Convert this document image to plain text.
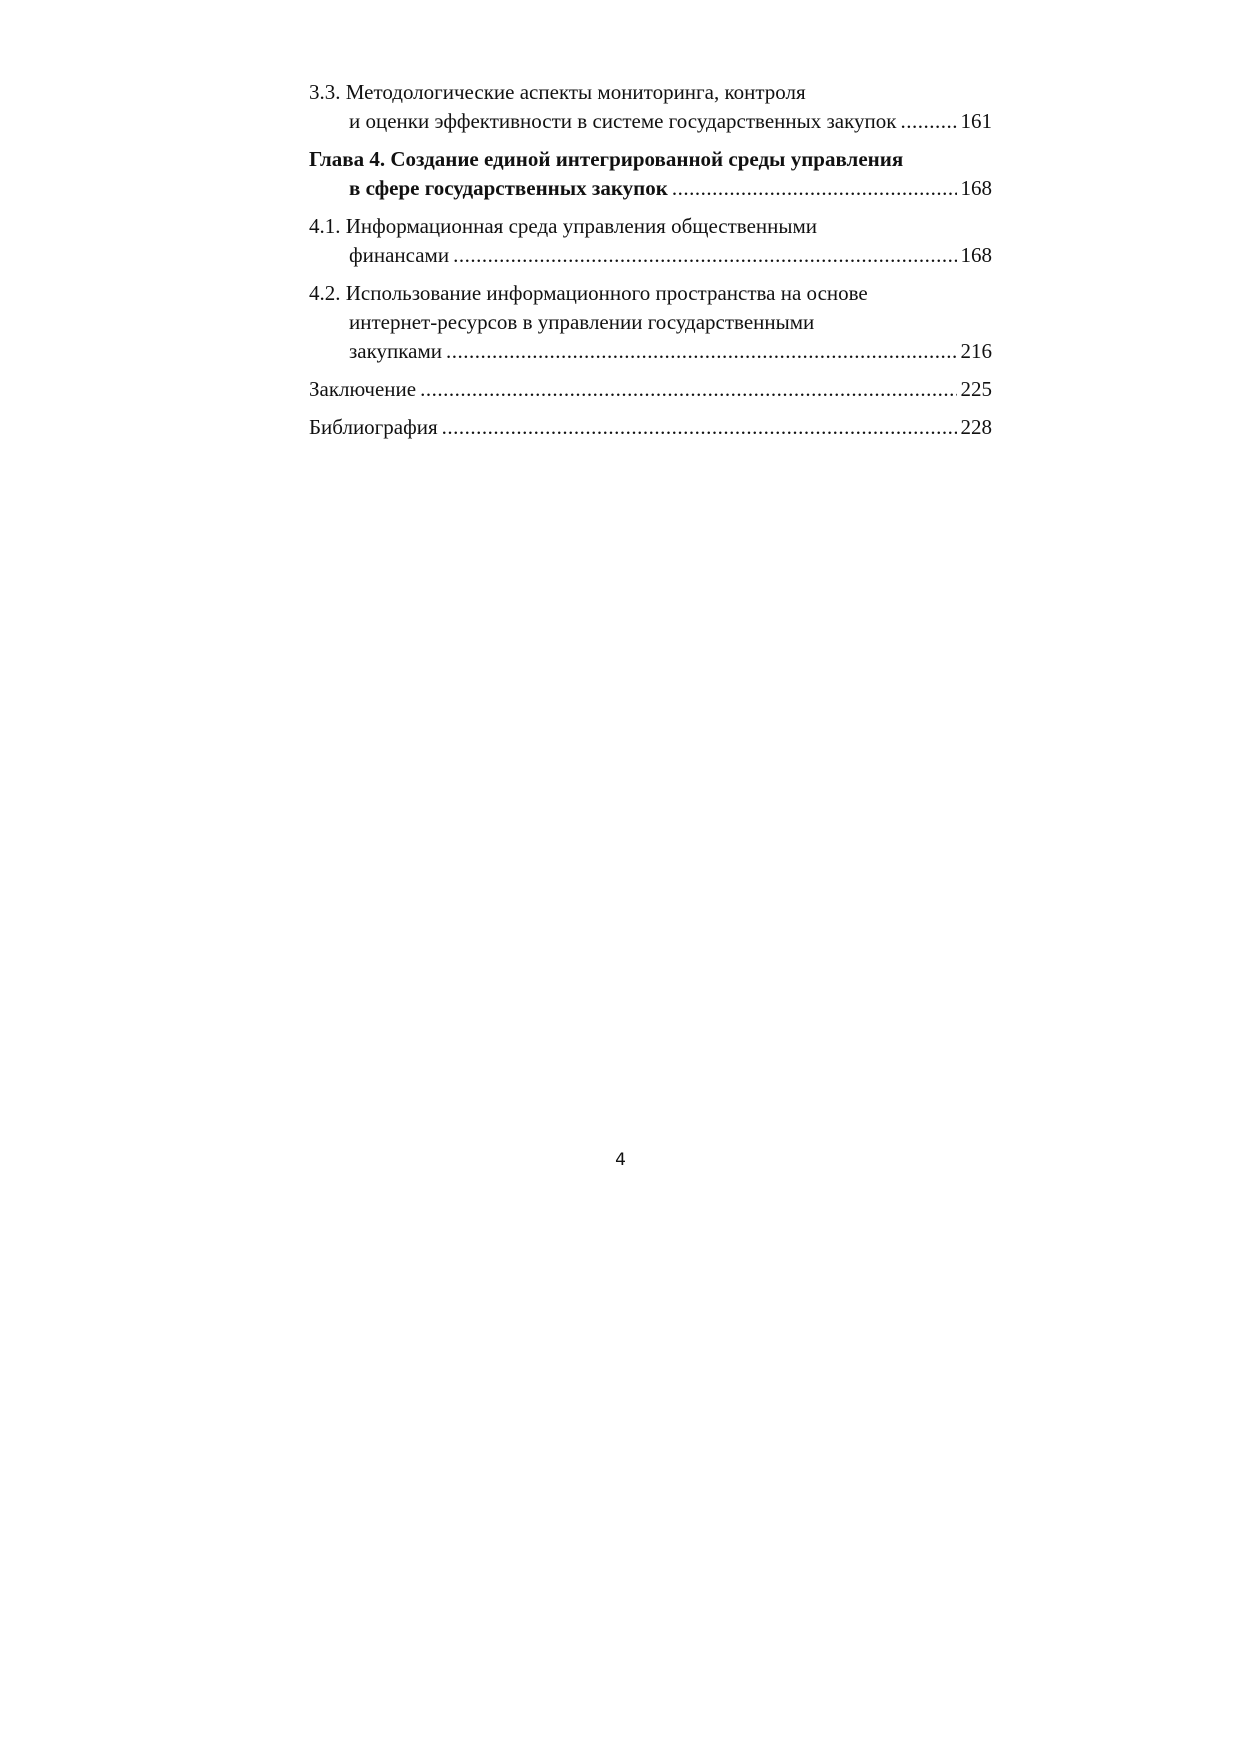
3.3. Методологические аспекты мониторинга, контроля
и оценки эффективности в системе государственных закупок .....	161
Глава 4. Создание единой интегрированной среды управления
в сфере государственных закупок .....	168
4.1. Информационная среда управления общественными
финансами .....	168
4.2. Использование информационного пространства на основе
интернет-ресурсов в управлении государственными
закупками .....	216
Заключение .....	225
Библиография .....	228
4
